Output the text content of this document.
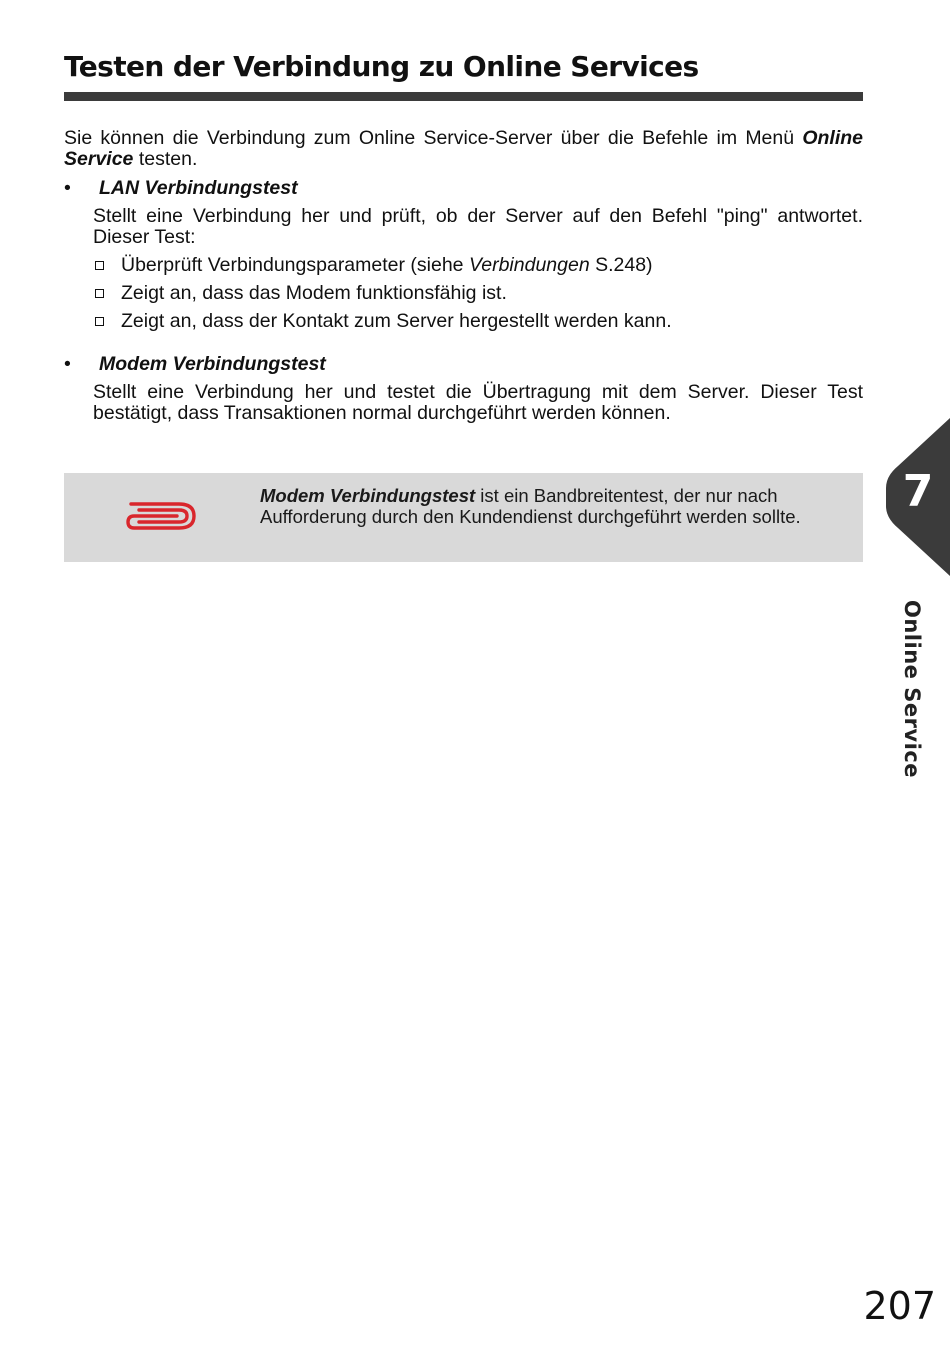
Testen der Verbindung zu Online Services

Sie können die Verbindung zum Online Service-Server über die Befehle im Menü Online Service testen.

• LAN Verbindungstest
Stellt eine Verbindung her und prüft, ob der Server auf den Befehl "ping" antwortet. Dieser Test:
Überprüft Verbindungsparameter (siehe Verbindungen S.248)
Zeigt an, dass das Modem funktionsfähig ist.
Zeigt an, dass der Kontakt zum Server hergestellt werden kann.
• Modem Verbindungstest
Stellt eine Verbindung her und testet die Übertragung mit dem Server. Dieser Test bestätigt, dass Transaktionen normal durchgeführt werden können.
Modem Verbindungstest ist ein Bandbreitentest, der nur nach Aufforderung durch den Kundendienst durchgeführt werden sollte.	7
Online Service
207
